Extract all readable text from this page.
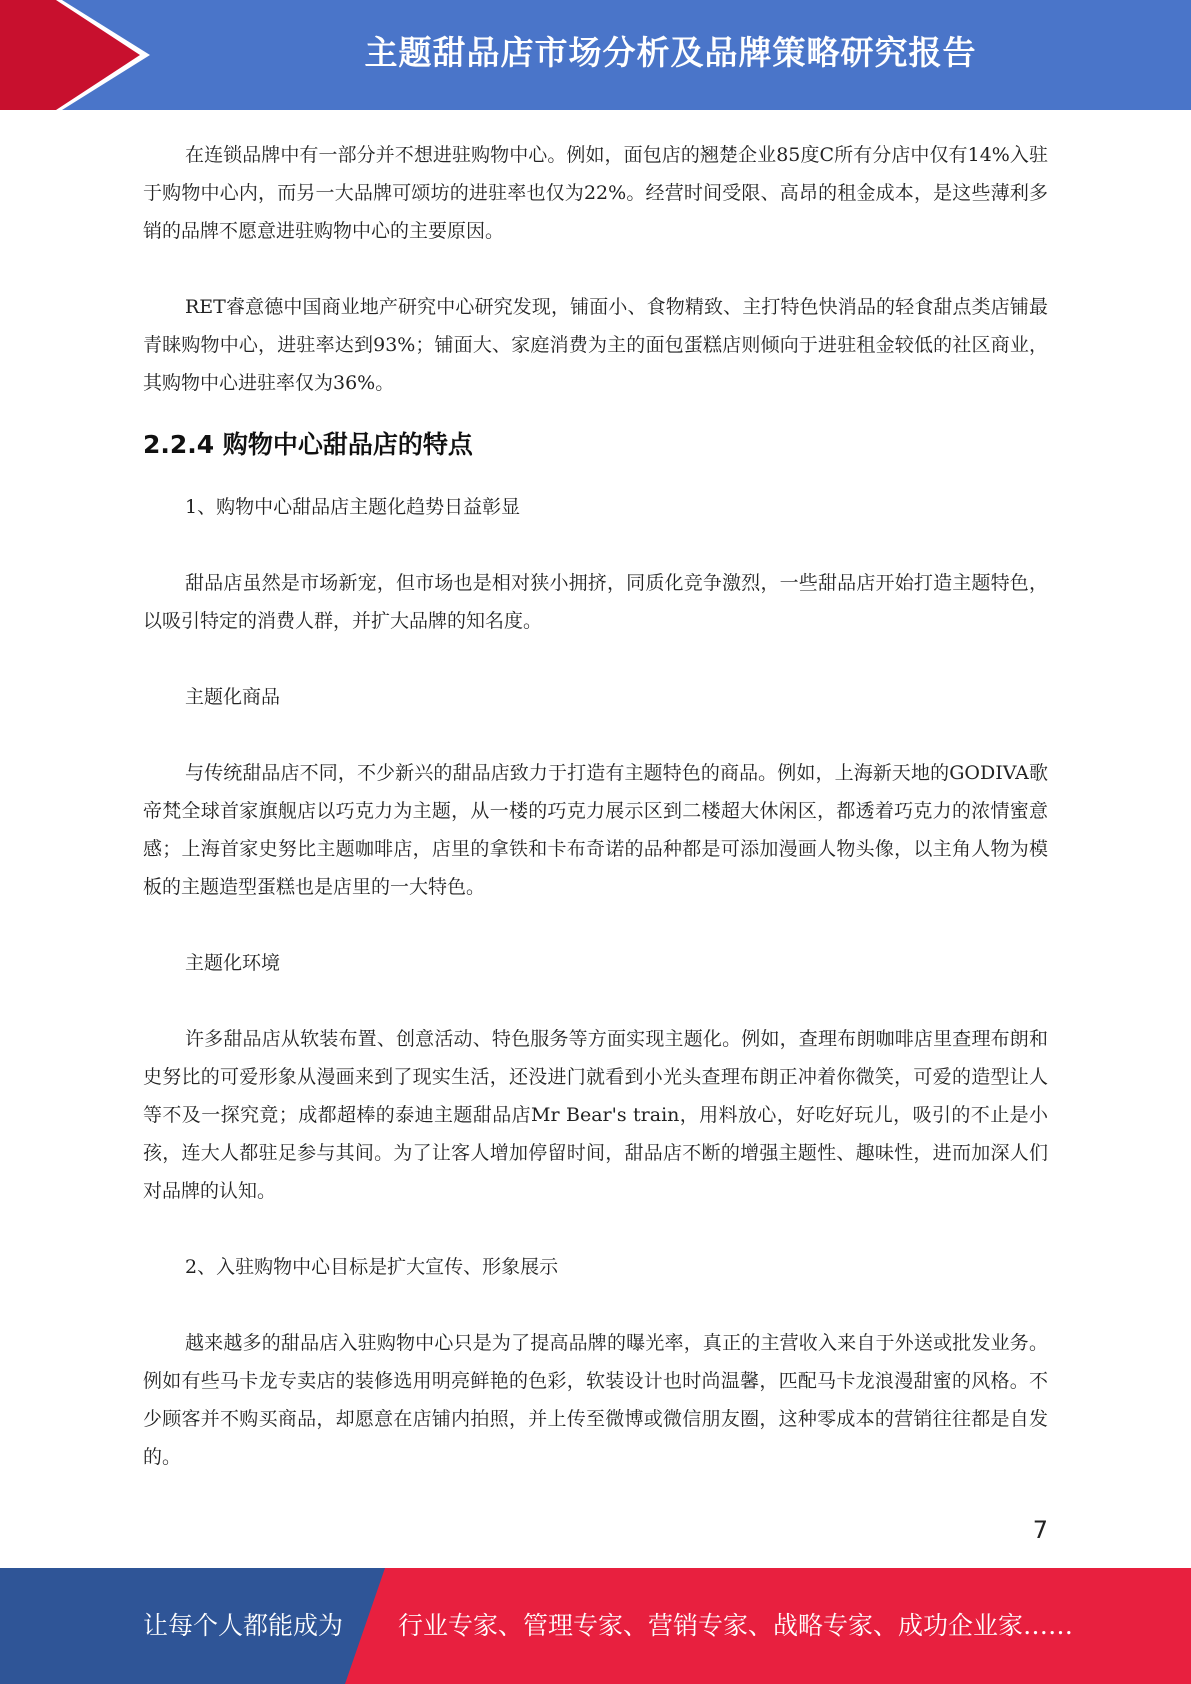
主题甜品店市场分析及品牌策略研究报告

在连锁品牌中有一部分并不想进驻购物中心。例如，面包店的翘楚企业85度C所有分店中仅有14%入驻于购物中心内，而另一大品牌可颂坊的进驻率也仅为22%。经营时间受限、高昂的租金成本，是这些薄利多销的品牌不愿意进驻购物中心的主要原因。

RET睿意德中国商业地产研究中心研究发现，铺面小、食物精致、主打特色快消品的轻食甜点类店铺最青睐购物中心，进驻率达到93%；铺面大、家庭消费为主的面包蛋糕店则倾向于进驻租金较低的社区商业，其购物中心进驻率仅为36%。

2.2.4 购物中心甜品店的特点

1、购物中心甜品店主题化趋势日益彰显

甜品店虽然是市场新宠，但市场也是相对狭小拥挤，同质化竞争激烈，一些甜品店开始打造主题特色，以吸引特定的消费人群，并扩大品牌的知名度。

主题化商品

与传统甜品店不同，不少新兴的甜品店致力于打造有主题特色的商品。例如，上海新天地的GODIVA歌帝梵全球首家旗舰店以巧克力为主题，从一楼的巧克力展示区到二楼超大休闲区，都透着巧克力的浓情蜜意感；上海首家史努比主题咖啡店，店里的拿铁和卡布奇诺的品种都是可添加漫画人物头像，以主角人物为模板的主题造型蛋糕也是店里的一大特色。

主题化环境

许多甜品店从软装布置、创意活动、特色服务等方面实现主题化。例如，查理布朗咖啡店里查理布朗和史努比的可爱形象从漫画来到了现实生活，还没进门就看到小光头查理布朗正冲着你微笑，可爱的造型让人等不及一探究竟；成都超棒的泰迪主题甜品店Mr Bear's train，用料放心，好吃好玩儿，吸引的不止是小孩，连大人都驻足参与其间。为了让客人增加停留时间，甜品店不断的增强主题性、趣味性，进而加深人们对品牌的认知。

2、入驻购物中心目标是扩大宣传、形象展示

越来越多的甜品店入驻购物中心只是为了提高品牌的曝光率，真正的主营收入来自于外送或批发业务。例如有些马卡龙专卖店的装修选用明亮鲜艳的色彩，软装设计也时尚温馨，匹配马卡龙浪漫甜蜜的风格。不少顾客并不购买商品，却愿意在店铺内拍照，并上传至微博或微信朋友圈，这种零成本的营销往往都是自发的。

7
让每个人都能成为 行业专家、管理专家、营销专家、战略专家、成功企业家……
